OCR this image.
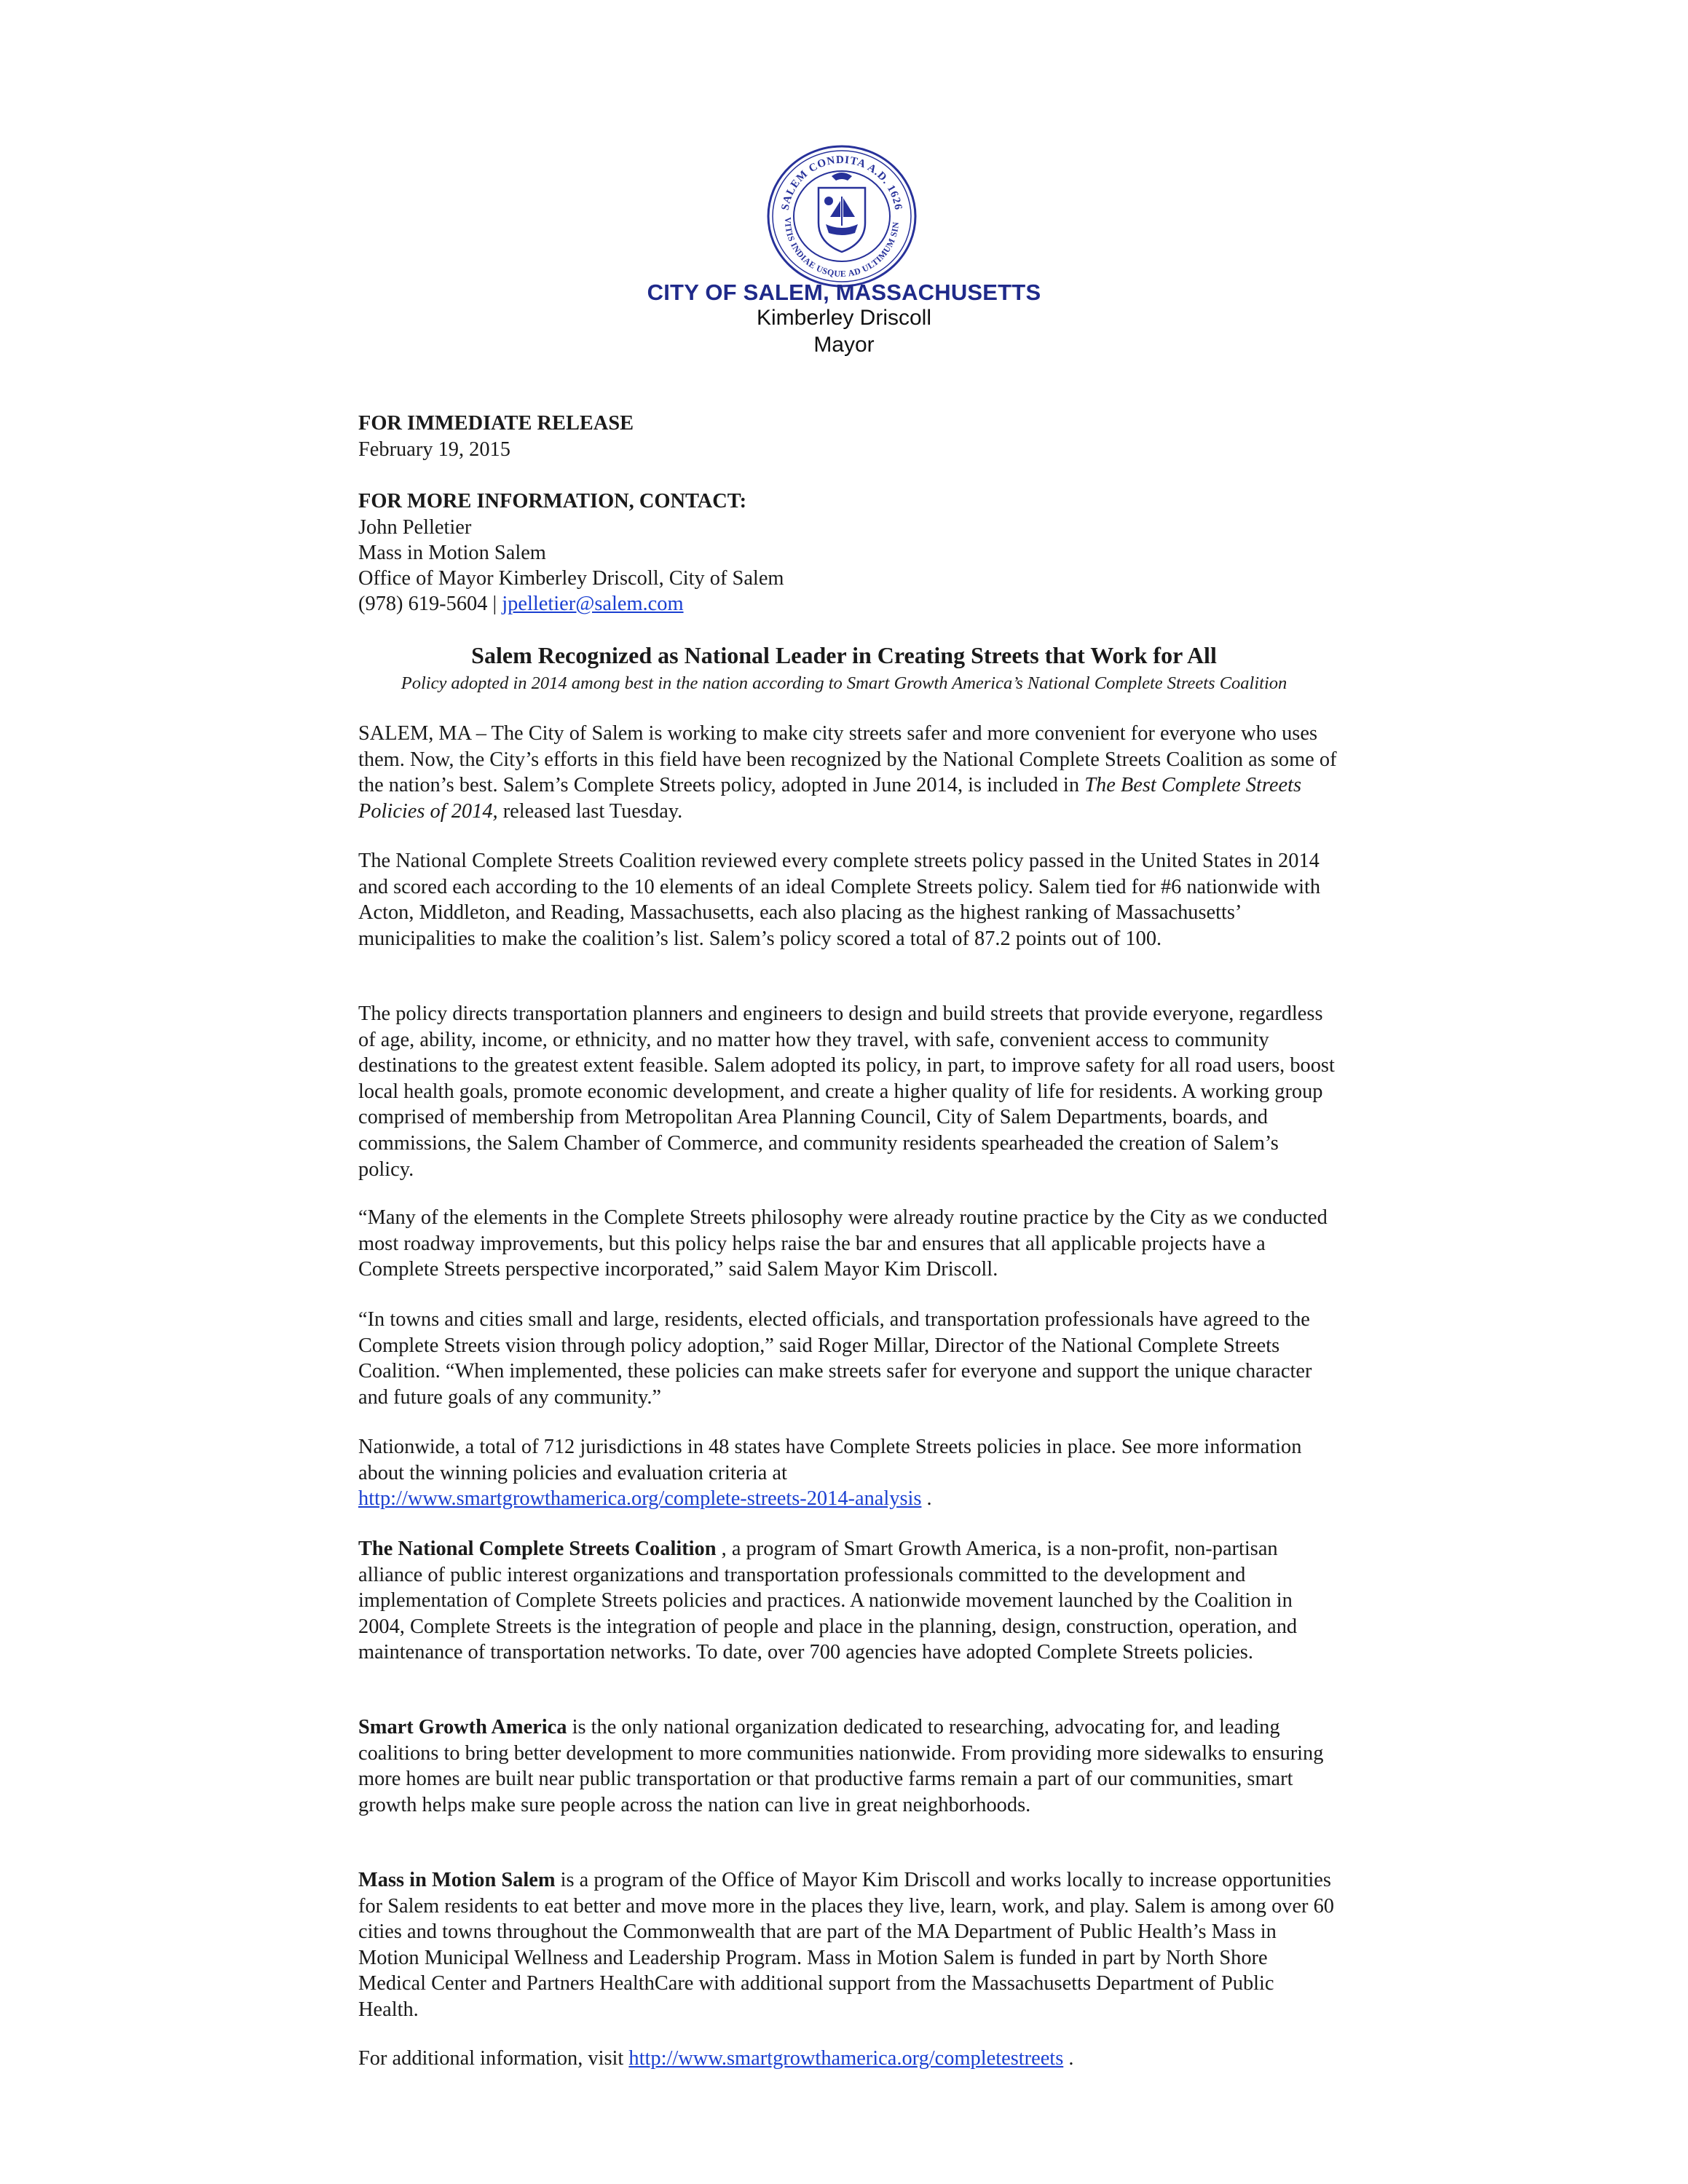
SALEM CONDITA A.D. 1626
VITIS INDIAE USQUE AD ULTIMUM SIN
CITY OF SALEM, MASSACHUSETTS
Kimberley Driscoll
Mayor
FOR IMMEDIATE RELEASE
February 19, 2015
FOR MORE INFORMATION, CONTACT:
John Pelletier
Mass in Motion Salem
Office of Mayor Kimberley Driscoll, City of Salem
(978) 619-5604 | jpelletier@salem.com
Salem Recognized as National Leader in Creating Streets that Work for All
Policy adopted in 2014 among best in the nation according to Smart Growth America’s National Complete Streets Coalition

SALEM, MA – The City of Salem is working to make city streets safer and more convenient for everyone who uses them. Now, the City’s efforts in this field have been recognized by the National Complete Streets Coalition as some of the nation’s best. Salem’s Complete Streets policy, adopted in June 2014, is included in The Best Complete Streets Policies of 2014, released last Tuesday.

The National Complete Streets Coalition reviewed every complete streets policy passed in the United States in 2014 and scored each according to the 10 elements of an ideal Complete Streets policy. Salem tied for #6 nationwide with Acton, Middleton, and Reading, Massachusetts, each also placing as the highest ranking of Massachusetts’ municipalities to make the coalition’s list. Salem’s policy scored a total of 87.2 points out of 100.

The policy directs transportation planners and engineers to design and build streets that provide everyone, regardless of age, ability, income, or ethnicity, and no matter how they travel, with safe, convenient access to community destinations to the greatest extent feasible. Salem adopted its policy, in part, to improve safety for all road users, boost local health goals, promote economic development, and create a higher quality of life for residents. A working group comprised of membership from Metropolitan Area Planning Council, City of Salem Departments, boards, and commissions, the Salem Chamber of Commerce, and community residents spearheaded the creation of Salem’s policy.

“Many of the elements in the Complete Streets philosophy were already routine practice by the City as we conducted most roadway improvements, but this policy helps raise the bar and ensures that all applicable projects have a Complete Streets perspective incorporated,” said Salem Mayor Kim Driscoll.

“In towns and cities small and large, residents, elected officials, and transportation professionals have agreed to the Complete Streets vision through policy adoption,” said Roger Millar, Director of the National Complete Streets Coalition. “When implemented, these policies can make streets safer for everyone and support the unique character and future goals of any community.”

Nationwide, a total of 712 jurisdictions in 48 states have Complete Streets policies in place. See more information about the winning policies and evaluation criteria at
http://www.smartgrowthamerica.org/complete-streets-2014-analysis .

The National Complete Streets Coalition , a program of Smart Growth America, is a non-profit, non-partisan alliance of public interest organizations and transportation professionals committed to the development and implementation of Complete Streets policies and practices. A nationwide movement launched by the Coalition in 2004, Complete Streets is the integration of people and place in the planning, design, construction, operation, and maintenance of transportation networks. To date, over 700 agencies have adopted Complete Streets policies.

Smart Growth America is the only national organization dedicated to researching, advocating for, and leading coalitions to bring better development to more communities nationwide. From providing more sidewalks to ensuring more homes are built near public transportation or that productive farms remain a part of our communities, smart growth helps make sure people across the nation can live in great neighborhoods.

Mass in Motion Salem is a program of the Office of Mayor Kim Driscoll and works locally to increase opportunities for Salem residents to eat better and move more in the places they live, learn, work, and play. Salem is among over 60 cities and towns throughout the Commonwealth that are part of the MA Department of Public Health’s Mass in Motion Municipal Wellness and Leadership Program. Mass in Motion Salem is funded in part by North Shore Medical Center and Partners HealthCare with additional support from the Massachusetts Department of Public Health.

For additional information, visit http://www.smartgrowthamerica.org/completestreets .
